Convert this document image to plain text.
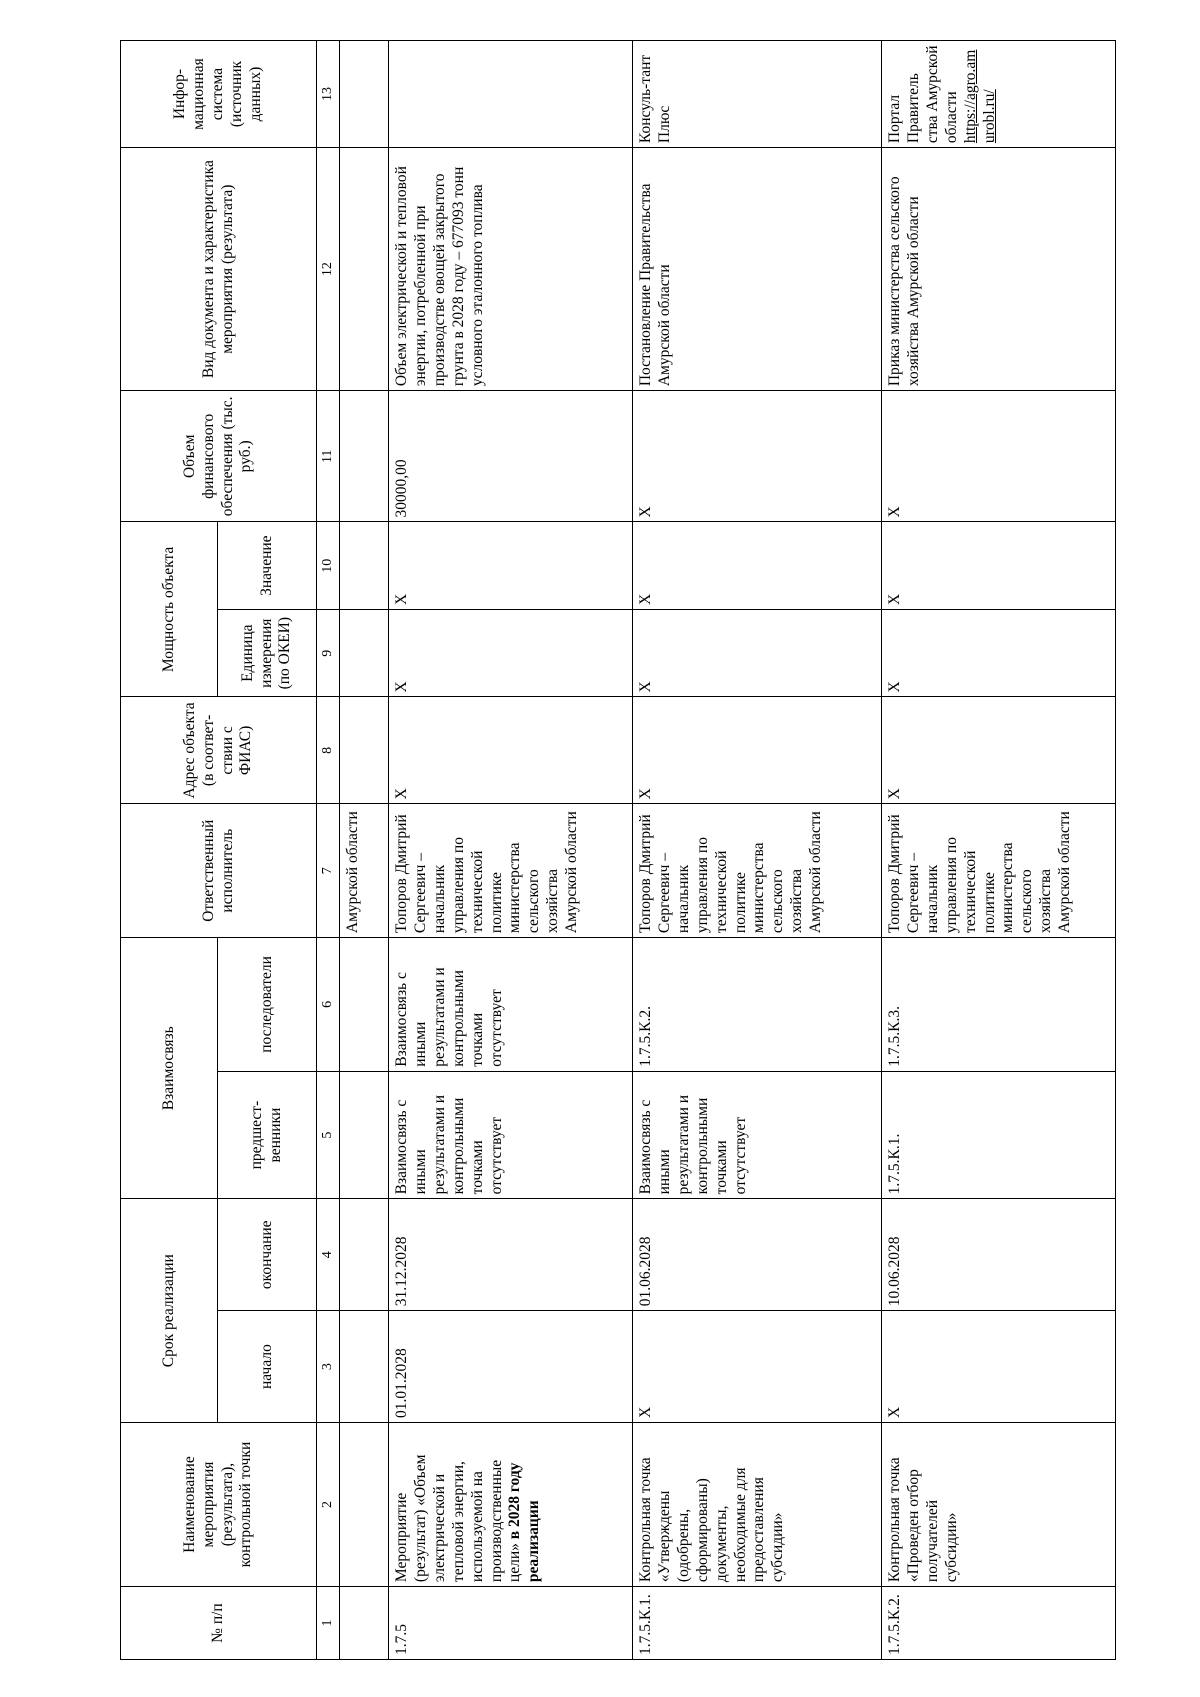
№ п/п	Наименование мероприятия (результата), контрольной точки	Срок реализации		Взаимосвязь		Ответственный исполнитель	Адрес объекта (в соответ-ствии с ФИАС)	Мощность объекта		Объем финансового обеспечения (тыс. руб.)	Вид документа и характеристика мероприятия (результата)	Инфор-мационная система (источник данных)
		начало	окончание	предшест-венники	последователи			Единица измерения (по ОКЕИ)	Значение			
1	2	3	4	5	6	7	8	9	10	11	12	13
						Амурской области						
1.7.5	Мероприятие (результат) «Объем электрической и тепловой энергии, используемой на производственные цели» в 2028 году реализации	01.01.2028	31.12.2028	Взаимосвязь с иными результатами и контрольными точками отсутствует	Взаимосвязь с иными результатами и контрольными точками отсутствует	Топоров Дмитрий Сергеевич – начальник управления по технической политике министерства сельского хозяйства Амурской области	X	X	X	30000,00	Объем электрической и тепловой энергии, потребленной при производстве овощей закрытого грунта в 2028 году – 677093 тонн условного эталонного топлива	
1.7.5.К.1.	Контрольная точка «Утверждены (одобрены, сформированы) документы, необходимые для предоставления субсидии»	X	01.06.2028	Взаимосвязь с иными результатами и контрольными точками отсутствует	1.7.5.К.2.	Топоров Дмитрий Сергеевич – начальник управления по технической политике министерства сельского хозяйства Амурской области	X	X	X	X	Постановление Правительства Амурской области	Консуль-тант Плюс
1.7.5.К.2.	Контрольная точка «Проведен отбор получателей субсидии»	X	10.06.2028	1.7.5.К.1.	1.7.5.К.3.	Топоров Дмитрий Сергеевич – начальник управления по технической политике министерства сельского хозяйства Амурской области	X	X	X	X	Приказ министерства сельского хозяйства Амурской области	Портал Правитель ства Амурской области https://agro.amurobl.ru/
